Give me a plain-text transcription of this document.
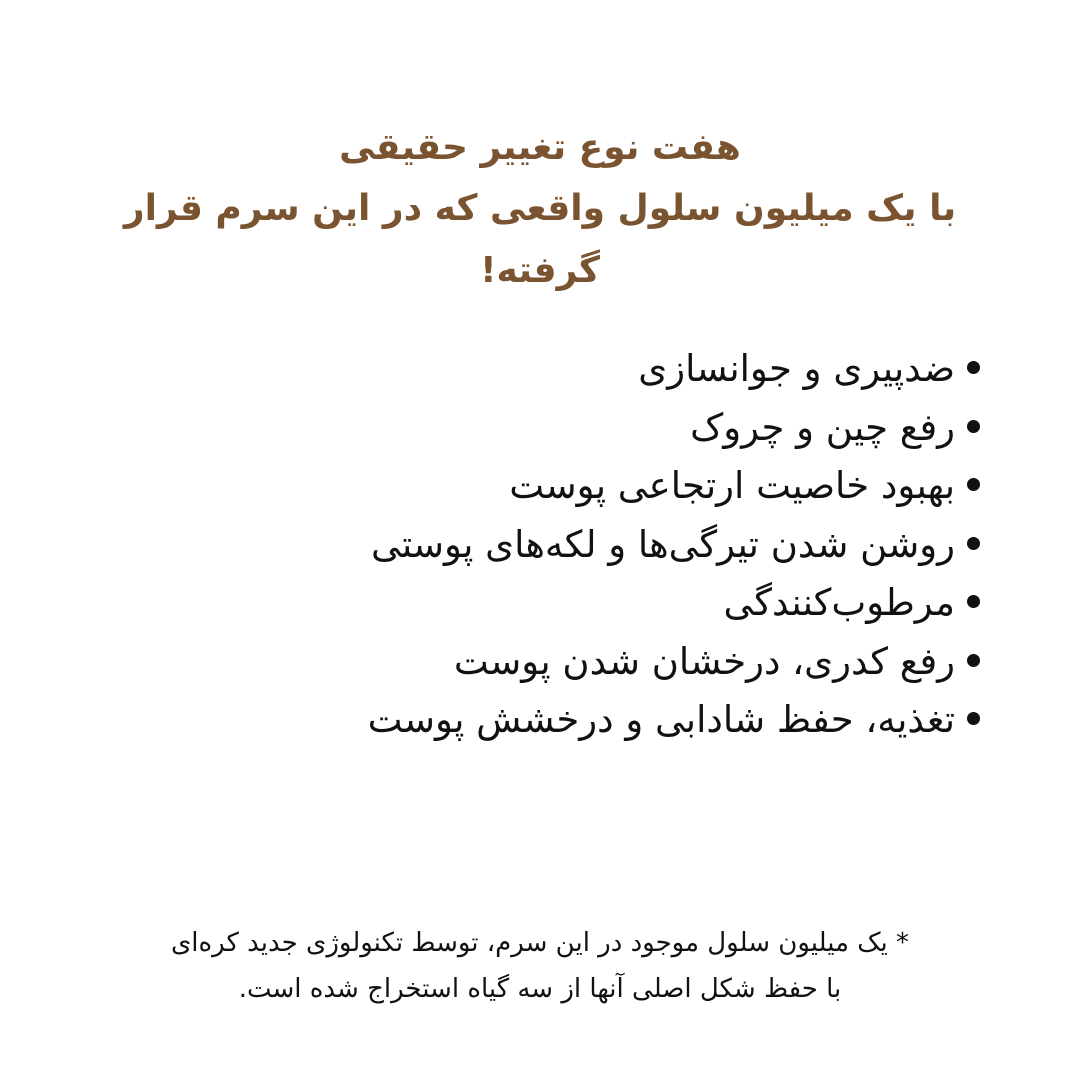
هفت نوع تغییر حقیقی
با یک میلیون سلول واقعی که در این سرم قرار گرفته!
ضدپیری و جوانسازی
رفع چین و چروک
بهبود خاصیت ارتجاعی پوست
روشن شدن تیرگی‌ها و لکه‌های پوستی
مرطوب‌کنندگی
رفع کدری، درخشان شدن پوست
تغذیه، حفظ شادابی و درخشش پوست
* یک میلیون سلول موجود در این سرم، توسط تکنولوژی جدید کره‌ای
با حفظ شکل اصلی آنها از سه گیاه استخراج شده است.
